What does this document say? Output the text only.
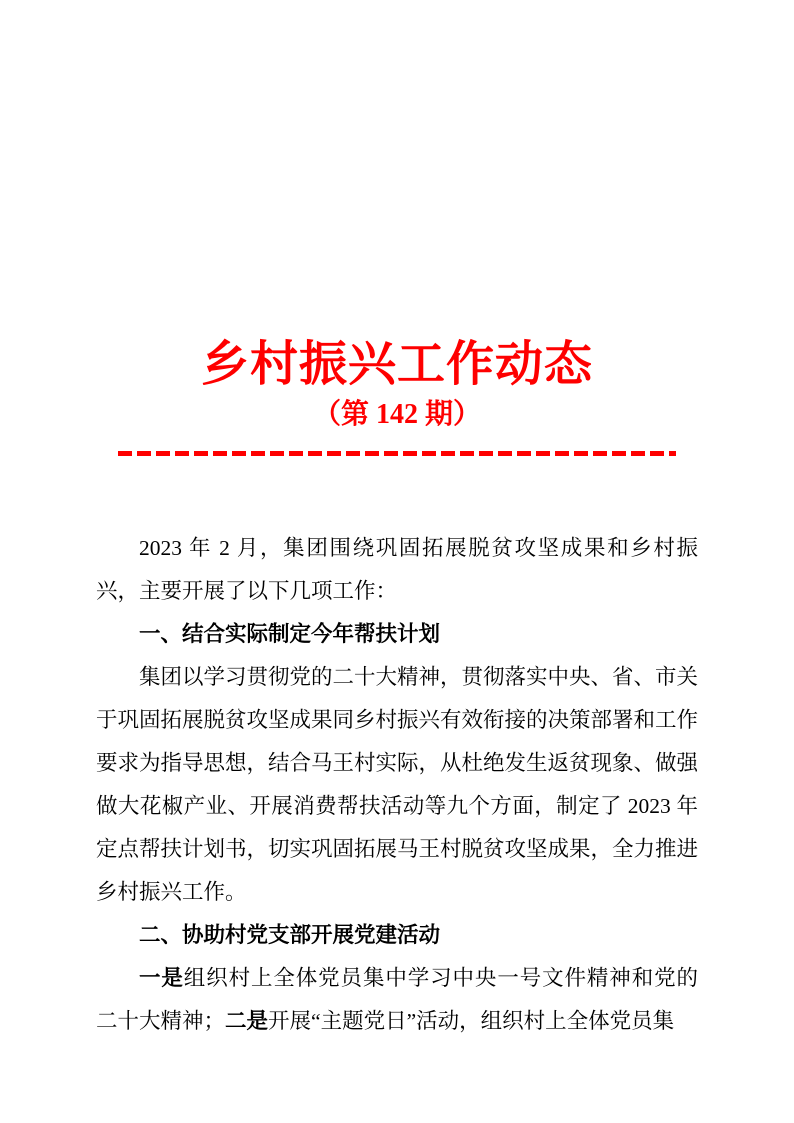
乡村振兴工作动态
（第 142 期）

2023 年 2 月，集团围绕巩固拓展脱贫攻坚成果和乡村振兴，主要开展了以下几项工作：

一、结合实际制定今年帮扶计划

集团以学习贯彻党的二十大精神，贯彻落实中央、省、市关于巩固拓展脱贫攻坚成果同乡村振兴有效衔接的决策部署和工作要求为指导思想，结合马王村实际，从杜绝发生返贫现象、做强做大花椒产业、开展消费帮扶活动等九个方面，制定了 2023 年定点帮扶计划书，切实巩固拓展马王村脱贫攻坚成果，全力推进乡村振兴工作。

二、协助村党支部开展党建活动

一是组织村上全体党员集中学习中央一号文件精神和党的二十大精神；二是开展“主题党日”活动，组织村上全体党员集
